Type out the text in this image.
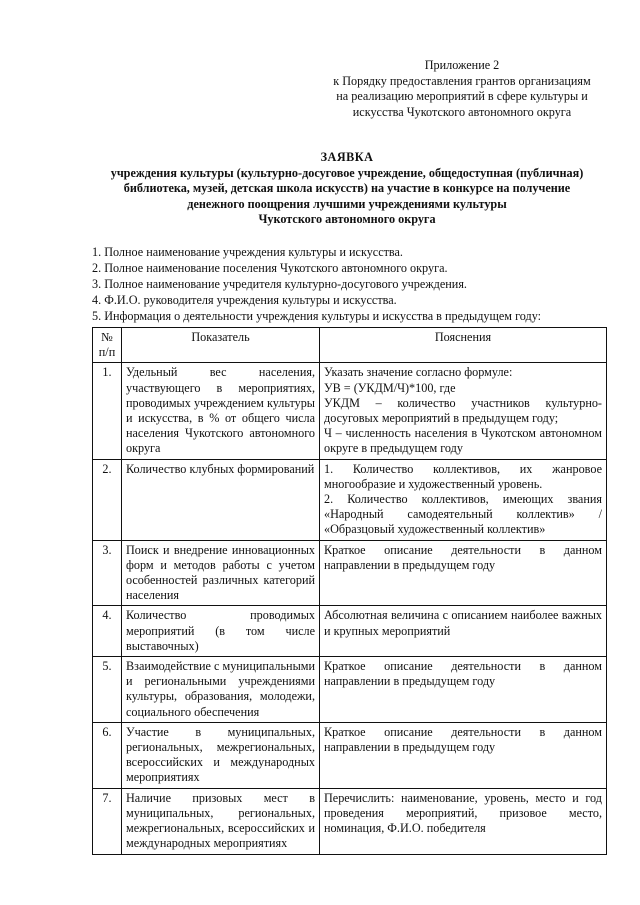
Приложение 2
к Порядку предоставления грантов организациям
на реализацию мероприятий в сфере культуры и
искусства Чукотского автономного округа
ЗАЯВКА
учреждения культуры (культурно-досуговое учреждение, общедоступная (публичная)
библиотека, музей, детская школа искусств) на участие в конкурсе на получение
денежного поощрения лучшими учреждениями культуры
Чукотского автономного округа
1. Полное наименование учреждения культуры и искусства.
2. Полное наименование поселения Чукотского автономного округа.
3. Полное наименование учредителя культурно-досугового учреждения.
4. Ф.И.О. руководителя учреждения культуры и искусства.
5. Информация о деятельности учреждения культуры и искусства в предыдущем году:
№ п/п	Показатель	Пояснения
1.	Удельный вес населения, участвующего в мероприятиях, проводимых учреждением культуры и искусства, в % от общего числа населения Чукотского автономного округа	Указать значение согласно формуле:
УВ = (УКДМ/Ч)*100, где
УКДМ – количество участников культурно-досуговых мероприятий в предыдущем году;
Ч – численность населения в Чукотском автономном округе в предыдущем году

2.	Количество клубных формирований	1. Количество коллективов, их жанровое многообразие и художественный уровень.
2. Количество коллективов, имеющих звания «Народный самодеятельный коллектив» / «Образцовый художественный коллектив»

3.	Поиск и внедрение инновационных форм и методов работы с учетом особенностей различных категорий населения	Краткое описание деятельности в данном направлении в предыдущем году

4.	Количество проводимых мероприятий (в том числе выставочных)	Абсолютная величина с описанием наиболее важных и крупных мероприятий

5.	Взаимодействие с муниципальными и региональными учреждениями культуры, образования, молодежи, социального обеспечения	Краткое описание деятельности в данном направлении в предыдущем году

6.	Участие в муниципальных, региональных, межрегиональных, всероссийских и международных мероприятиях	Краткое описание деятельности в данном направлении в предыдущем году

7.	Наличие призовых мест в муниципальных, региональных, межрегиональных, всероссийских и международных мероприятиях	Перечислить: наименование, уровень, место и год проведения мероприятий, призовое место, номинация, Ф.И.О. победителя
